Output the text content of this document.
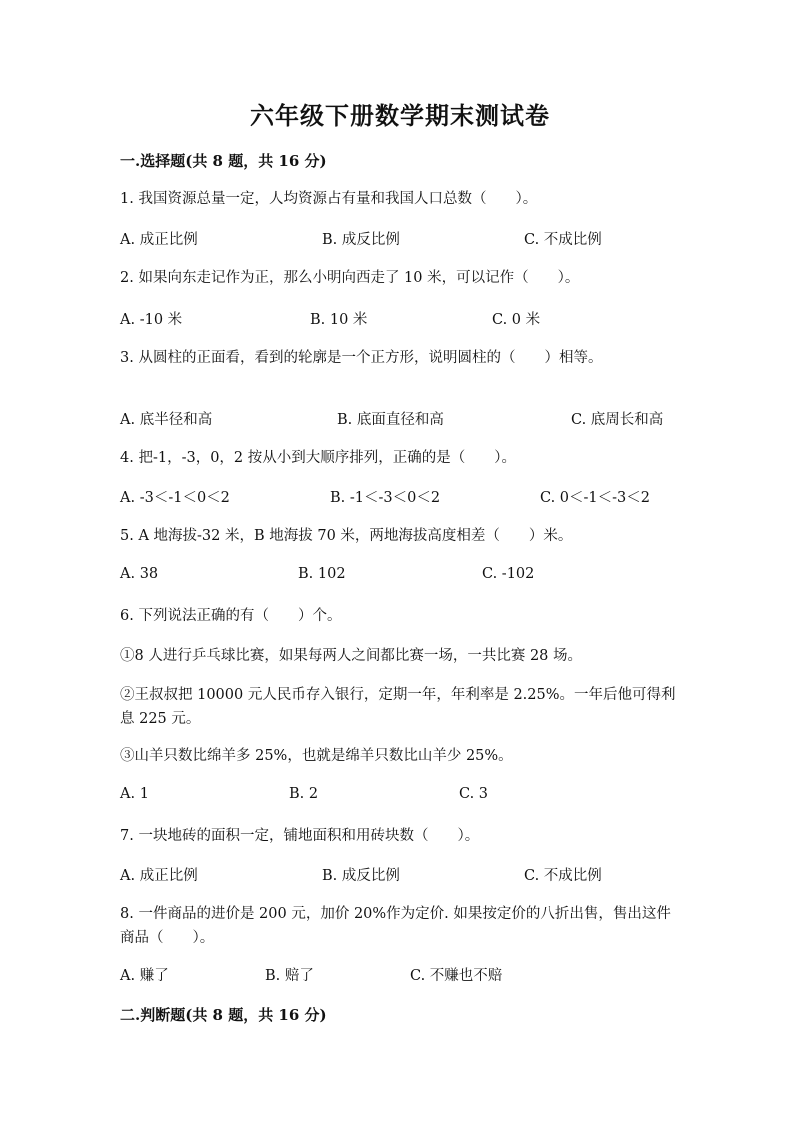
六年级下册数学期末测试卷
一.选择题(共 8 题，共 16 分)
1. 我国资源总量一定，人均资源占有量和我国人口总数（　　）。
A. 成正比例	B. 成反比例	C. 不成比例
2. 如果向东走记作为正，那么小明向西走了 10 米，可以记作（　　）。
A. -10 米	B. 10 米	C. 0 米
3. 从圆柱的正面看，看到的轮廓是一个正方形，说明圆柱的（　　）相等。
A. 底半径和高	B. 底面直径和高	C. 底周长和高
4. 把-1，-3，0，2 按从小到大顺序排列，正确的是（　　）。
A. -3＜-1＜0＜2	B. -1＜-3＜0＜2	C. 0＜-1＜-3＜2
5. A 地海拔-32 米，B 地海拔 70 米，两地海拔高度相差（　　）米。
A. 38	B. 102	C. -102
6. 下列说法正确的有（　　）个。
①8 人进行乒乓球比赛，如果每两人之间都比赛一场，一共比赛 28 场。
②王叔叔把 10000 元人民币存入银行，定期一年，年利率是 2.25%。一年后他可得利息 225 元。
③山羊只数比绵羊多 25%，也就是绵羊只数比山羊少 25%。
A. 1	B. 2	C. 3
7. 一块地砖的面积一定，铺地面积和用砖块数（　　）。
A. 成正比例	B. 成反比例	C. 不成比例
8. 一件商品的进价是 200 元，加价 20%作为定价. 如果按定价的八折出售，售出这件商品（　　）。
A. 赚了	B. 赔了	C. 不赚也不赔
二.判断题(共 8 题，共 16 分)
